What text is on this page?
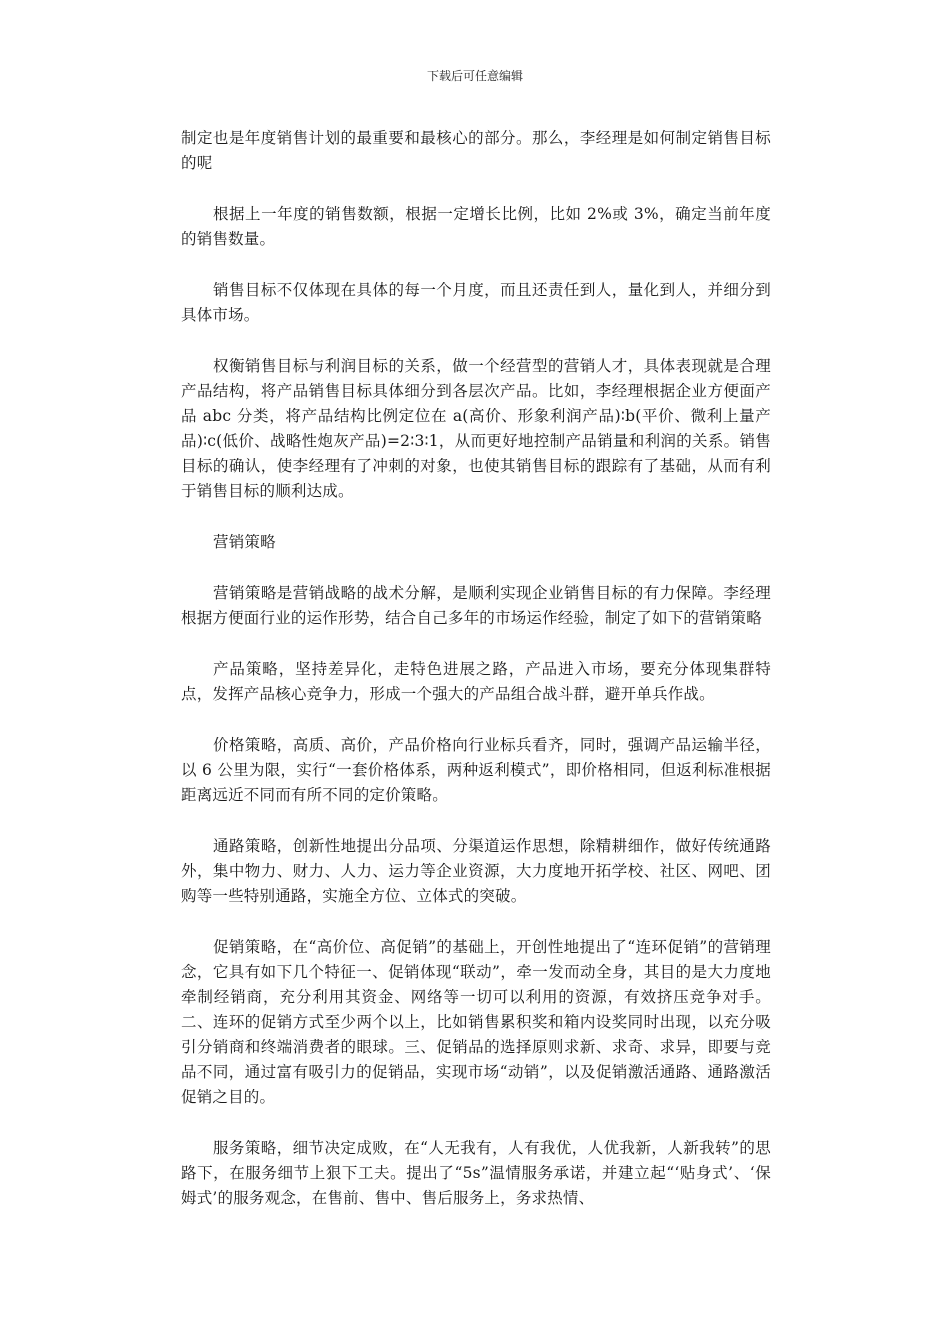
下载后可任意编辑

制定也是年度销售计划的最重要和最核心的部分。那么，李经理是如何制定销售目标的呢

根据上一年度的销售数额，根据一定增长比例，比如 2%或 3%，确定当前年度的销售数量。

销售目标不仅体现在具体的每一个月度，而且还责任到人，量化到人，并细分到具体市场。

权衡销售目标与利润目标的关系，做一个经营型的营销人才，具体表现就是合理产品结构，将产品销售目标具体细分到各层次产品。比如，李经理根据企业方便面产品 abc 分类，将产品结构比例定位在 a(高价、形象利润产品)∶b(平价、微利上量产品)∶c(低价、战略性炮灰产品)=2∶3∶1，从而更好地控制产品销量和利润的关系。销售目标的确认，使李经理有了冲刺的对象，也使其销售目标的跟踪有了基础，从而有利于销售目标的顺利达成。

营销策略

营销策略是营销战略的战术分解，是顺利实现企业销售目标的有力保障。李经理根据方便面行业的运作形势，结合自己多年的市场运作经验，制定了如下的营销策略

产品策略，坚持差异化，走特色进展之路，产品进入市场，要充分体现集群特点，发挥产品核心竞争力，形成一个强大的产品组合战斗群，避开单兵作战。

价格策略，高质、高价，产品价格向行业标兵看齐，同时，强调产品运输半径，以 6 公里为限，实行“一套价格体系，两种返利模式”，即价格相同，但返利标准根据距离远近不同而有所不同的定价策略。

通路策略，创新性地提出分品项、分渠道运作思想，除精耕细作，做好传统通路外，集中物力、财力、人力、运力等企业资源，大力度地开拓学校、社区、网吧、团购等一些特别通路，实施全方位、立体式的突破。

促销策略，在“高价位、高促销”的基础上，开创性地提出了“连环促销”的营销理念，它具有如下几个特征一、促销体现“联动”，牵一发而动全身，其目的是大力度地牵制经销商，充分利用其资金、网络等一切可以利用的资源，有效挤压竞争对手。二、连环的促销方式至少两个以上，比如销售累积奖和箱内设奖同时出现，以充分吸引分销商和终端消费者的眼球。三、促销品的选择原则求新、求奇、求异，即要与竞品不同，通过富有吸引力的促销品，实现市场“动销”，以及促销激活通路、通路激活促销之目的。

服务策略，细节决定成败，在“人无我有，人有我优，人优我新，人新我转”的思路下，在服务细节上狠下工夫。提出了“5s”温情服务承诺，并建立起“‘贴身式’、‘保姆式’的服务观念，在售前、售中、售后服务上，务求热情、
